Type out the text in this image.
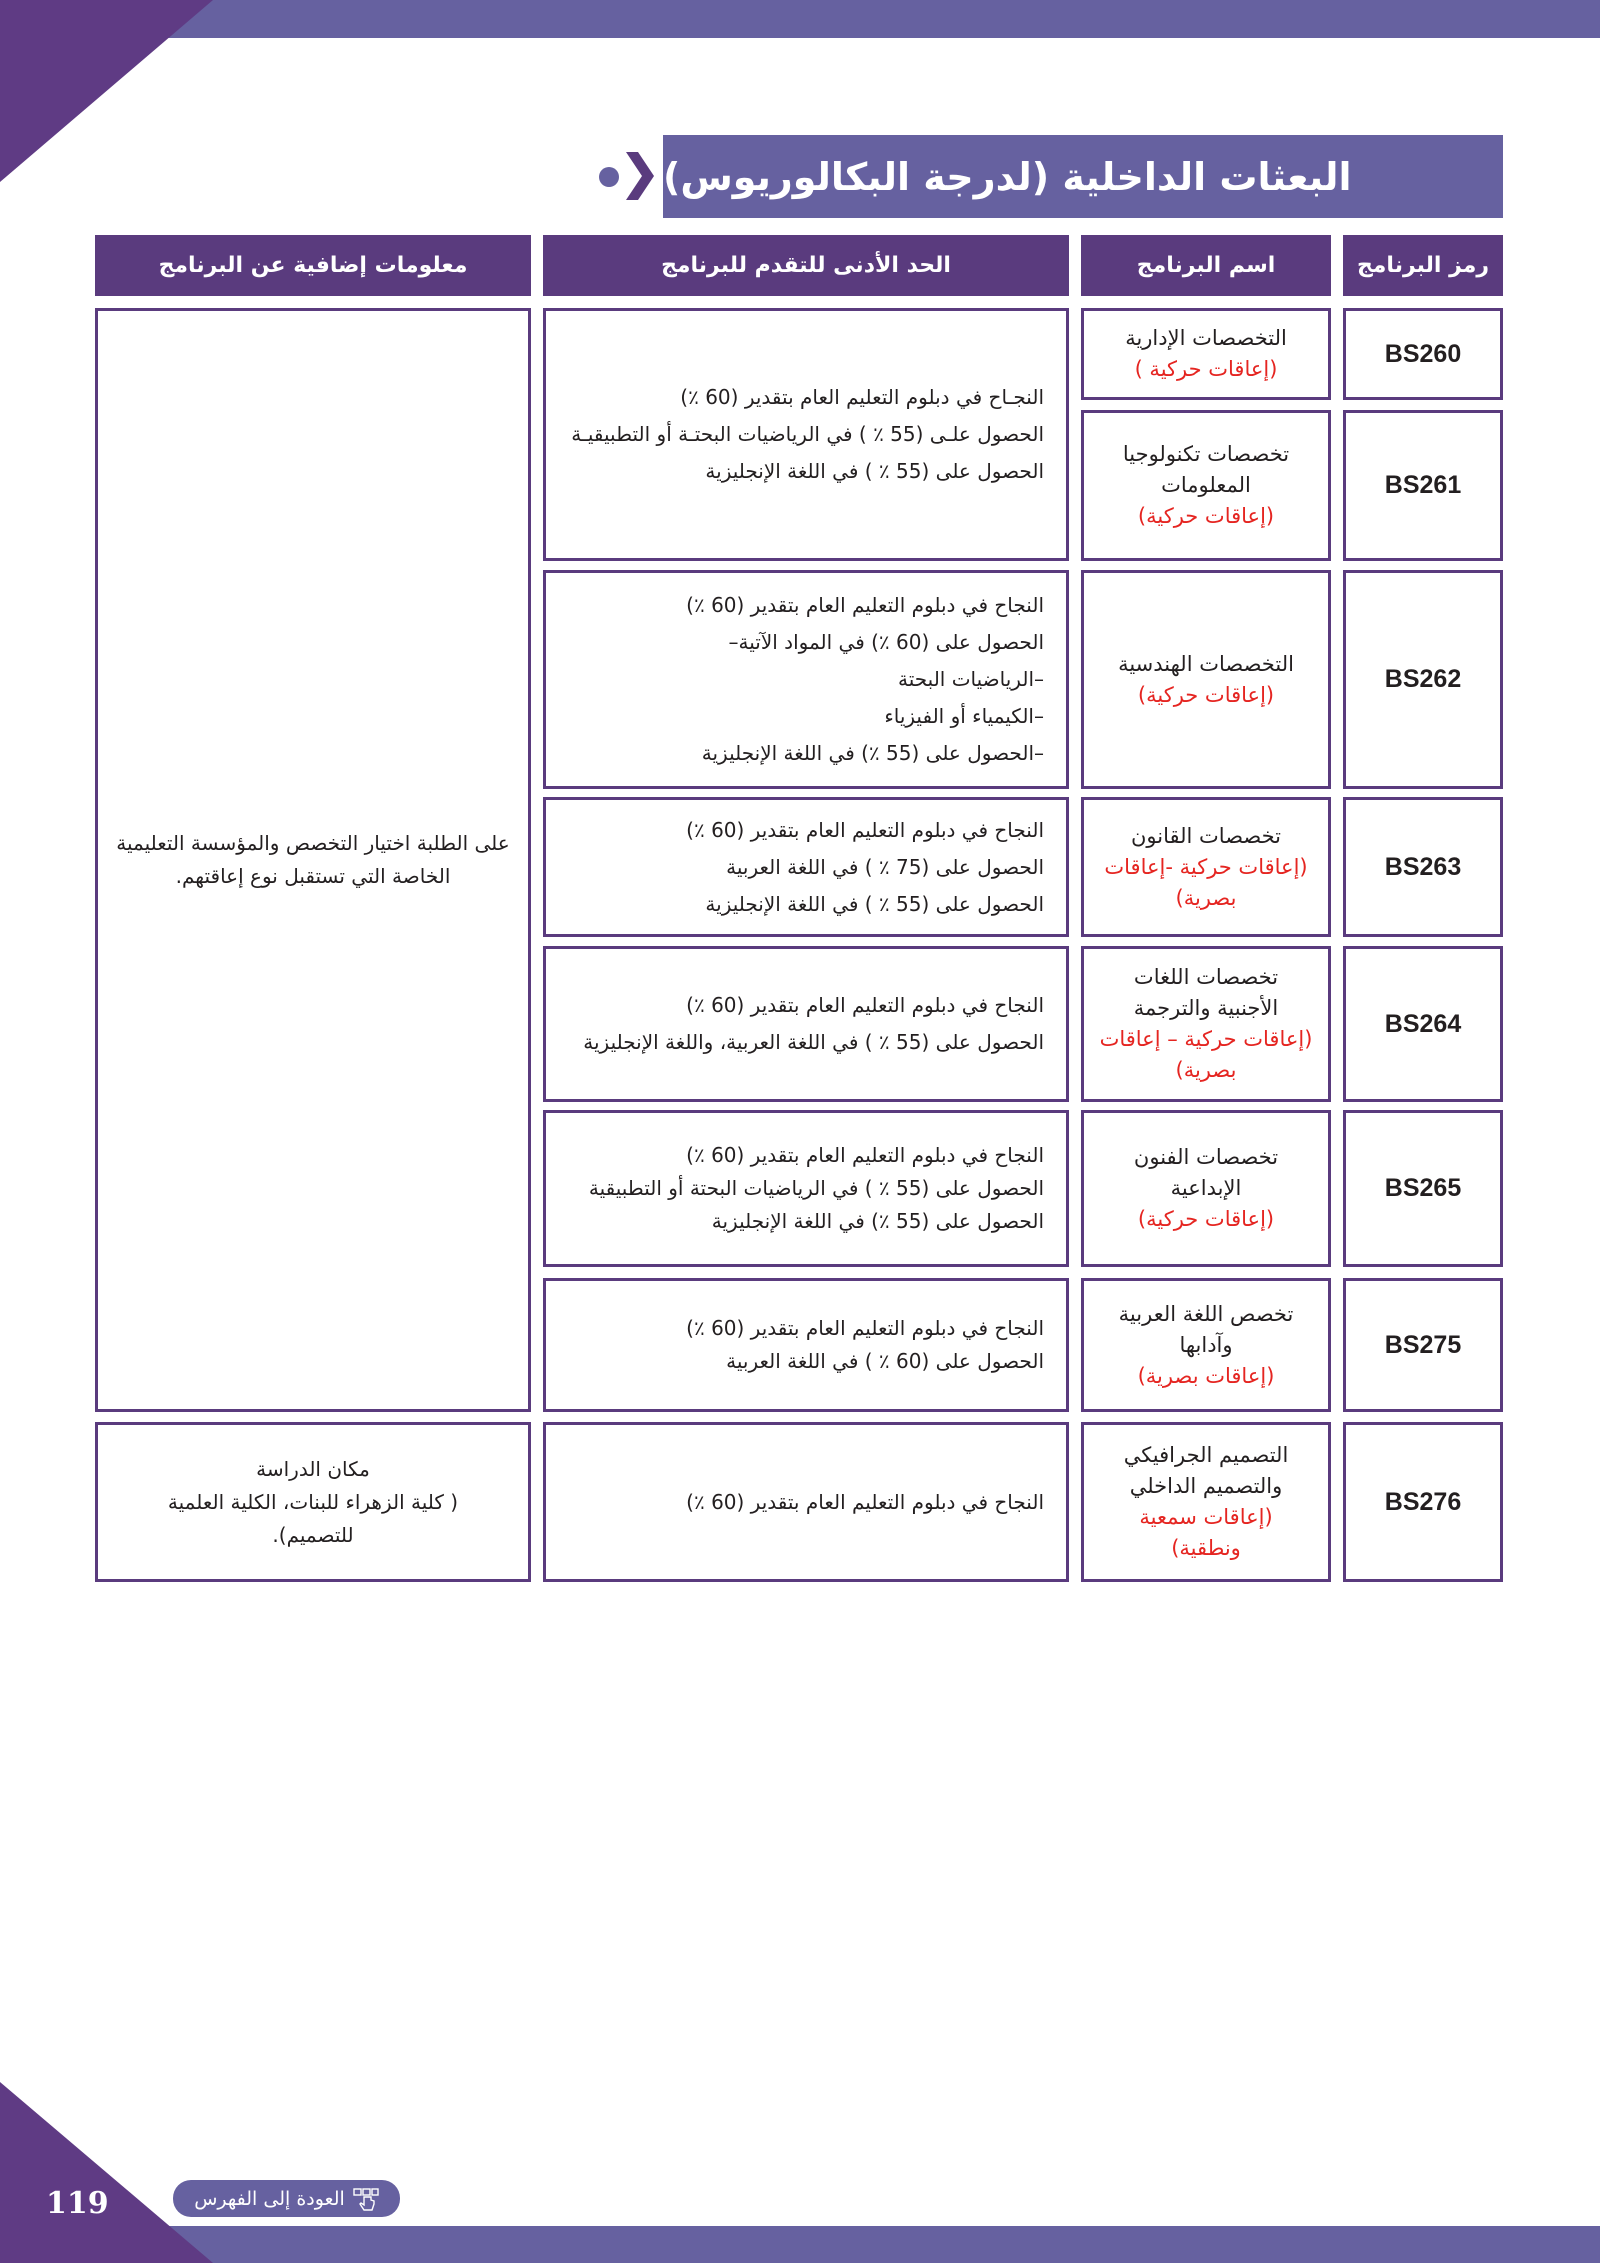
البعثات الداخلية (لدرجة البكالوريوس)
رمز البرنامج
اسم البرنامج
الحد الأدنى للتقدم للبرنامج
معلومات إضافية عن البرنامج
BS260
التخصصات الإدارية
(إعاقات حركية )
BS261
تخصصات تكنولوجيا المعلومات
(إعاقات حركية)
النجـاح في دبلوم التعليم العام بتقدير (60 ٪)
الحصول علـى (55 ٪ ) في الرياضيات البحتـة أو التطبيقيـة
الحصول على (55 ٪ ) في اللغة الإنجليزية
BS262
التخصصات الهندسية
(إعاقات حركية)
النجاح في دبلوم التعليم العام بتقدير (60 ٪)
الحصول على (60 ٪) في المواد الآتية–
–الرياضيات البحتة
–الكيمياء أو الفيزياء
–الحصول على (55 ٪) في اللغة الإنجليزية
BS263
تخصصات القانون
(إعاقات حركية -إعاقات بصرية)
النجاح في دبلوم التعليم العام بتقدير (60 ٪)
الحصول على (75 ٪ ) في اللغة العربية
الحصول على (55 ٪ ) في اللغة الإنجليزية
BS264
تخصصات اللغات الأجنبية والترجمة
(إعاقات حركية – إعاقات بصرية)
النجاح في دبلوم التعليم العام بتقدير (60 ٪)
الحصول على (55 ٪ ) في اللغة العربية، واللغة الإنجليزية
BS265
تخصصات الفنون الإبداعية
(إعاقات حركية)
النجاح في دبلوم التعليم العام بتقدير (60 ٪)
الحصول على (55 ٪ ) في الرياضيات البحتة أو التطبيقية
الحصول على (55 ٪) في اللغة الإنجليزية
BS275
تخصص اللغة العربية وآدابها
(إعاقات بصرية)
النجاح في دبلوم التعليم العام بتقدير (60 ٪)
الحصول على (60 ٪ ) في اللغة العربية
على الطلبة اختيار التخصص والمؤسسة التعليمية الخاصة التي تستقبل نوع إعاقتهم.
BS276
التصميم الجرافيكي والتصميم الداخلي
(إعاقات سمعية ونطقية)
النجاح في دبلوم التعليم العام بتقدير (60 ٪)
مكان الدراسة
( كلية الزهراء للبنات، الكلية العلمية للتصميم).
119	العودة إلى الفهرس
